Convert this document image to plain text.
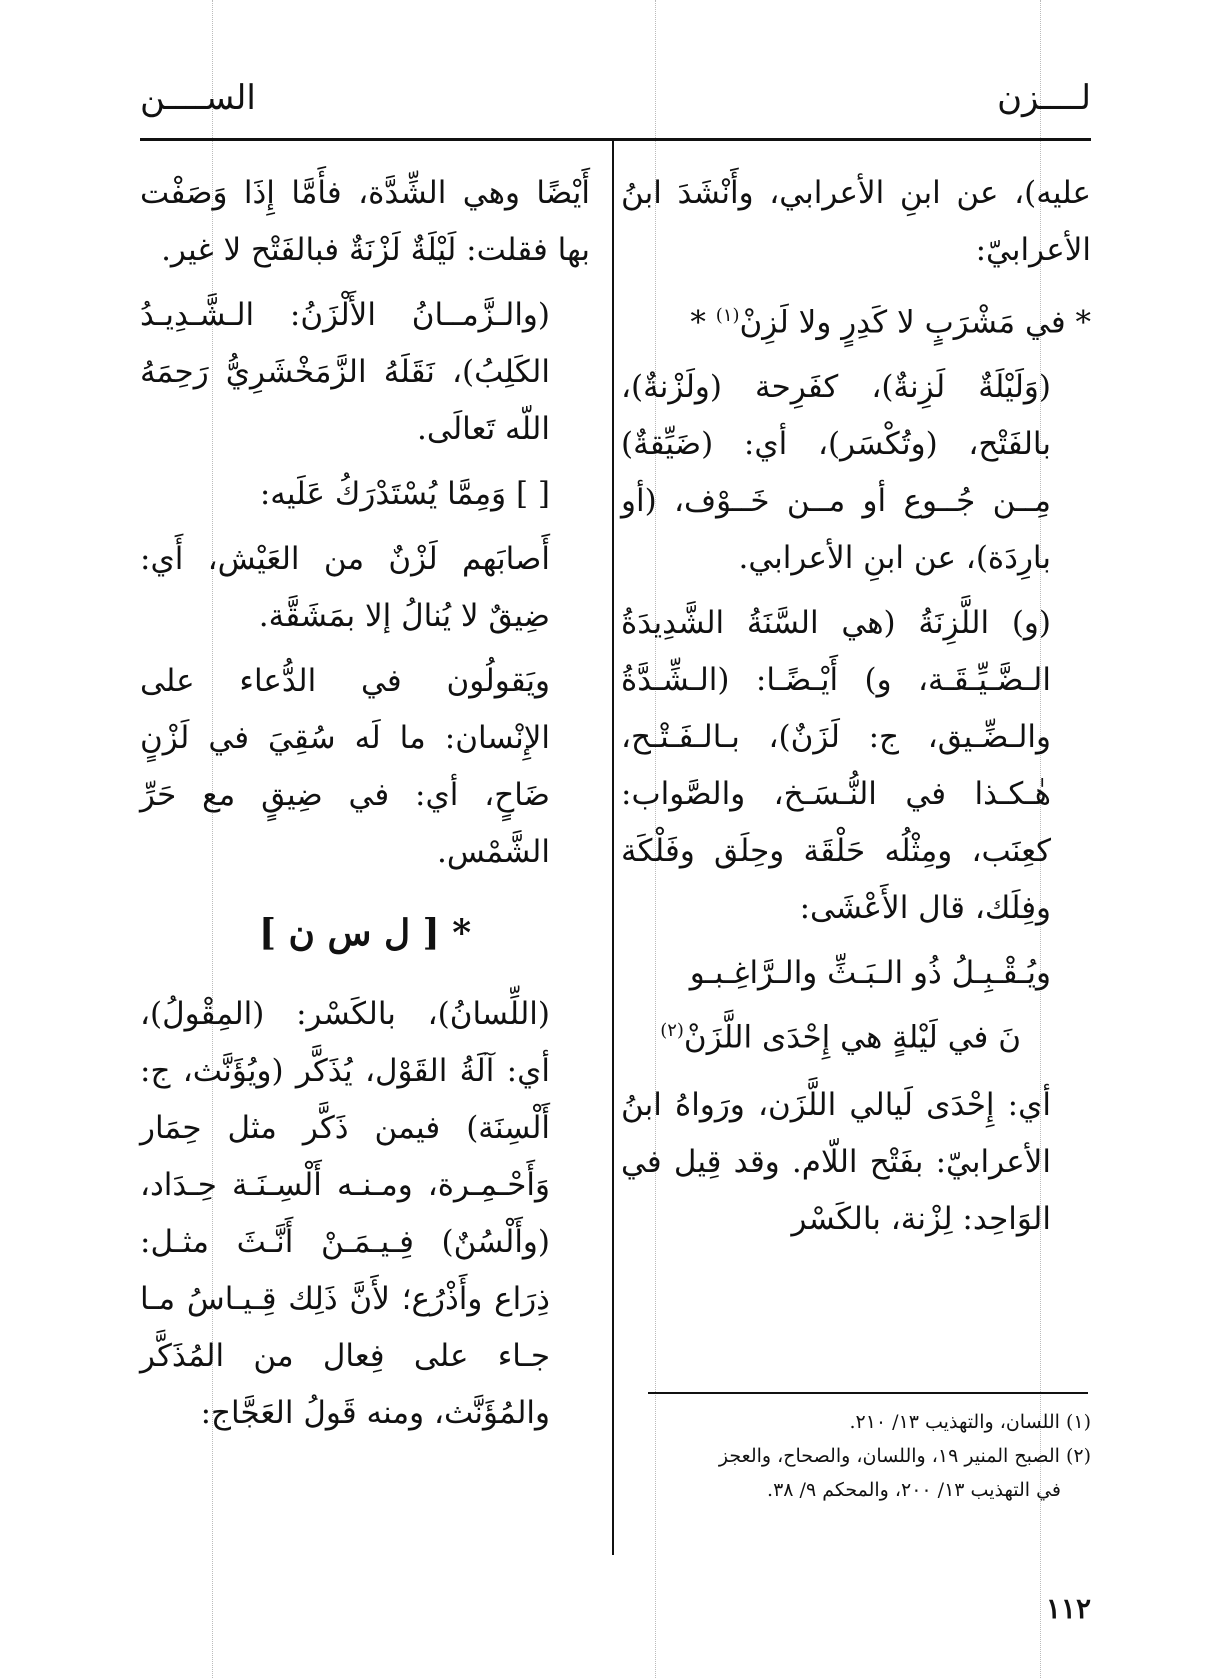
لــــزن
الســــن

عليه)، عن ابنِ الأعرابي، وأَنْشَدَ ابنُ الأعرابيّ:

* في مَشْرَبٍ لا كَدِرٍ ولا لَزِنْ$^{(١)}$ *

(وَلَيْلَةٌ لَزِنةٌ)، كفَرِحة (ولَزْنةٌ)، بالفَتْح، (وتُكْسَر)، أي: (ضَيِّقةٌ) مِــن جُــوع أو مــن خَــوْف، (أو بارِدَة)، عن ابنِ الأعرابي.

(و) اللَّزِنَةُ (هي السَّنَةُ الشَّدِيدَةُ الـضَّـيِّـقَـة، و) أَيْـضًـا: (الـشِّـدَّةُ والـضِّـيق، ج: لَزَنٌ)، بـالـفَـتْـح، هٰـكـذا في النُّـسَـخ، والصَّواب: كعِنَب، ومِثْلُه حَلْقَة وحِلَق وفَلْكَة وفِلَك، قال الأَعْشَى:

ويُـقْـبِـلُ ذُو الـبَـثِّ والـرَّاغِـبـو
نَ في لَيْلةٍ هي إِحْدَى اللَّزَنْ$^{(٢)}$

أي: إِحْدَى لَيالي اللَّزَن، ورَواهُ ابنُ الأعرابيّ: بفَتْح اللّام. وقد قِيل في الوَاحِد: لِزْنة، بالكَسْر

أَيْضًا وهي الشِّدَّة، فأَمَّا إِذَا وَصَفْت بها فقلت: لَيْلَةٌ لَزْنَةٌ فبالفَتْح لا غير.

(والـزَّمــانُ الأَلْزَنُ: الـشَّـدِيـدُ الكَلِبُ)، نَقَلَهُ الزَّمَخْشَرِيُّ رَحِمَهُ اللّه تَعالَى.

[ ] وَمِمَّا يُسْتَدْرَكُ عَلَيه:

أَصابَهم لَزْنٌ من العَيْش، أَي: ضِيقٌ لا يُنالُ إلا بمَشَقَّة.

ويَقولُون في الدُّعاء على الإِنْسان: ما لَه سُقِيَ في لَزْنٍ ضَاحٍ، أي: في ضِيقٍ مع حَرِّ الشَّمْس.

* [ ل س ن ]

(اللِّسانُ)، بالكَسْر: (المِقْولُ)، أي: آلَةُ القَوْل، يُذَكَّر (ويُؤَنَّث، ج: أَلْسِنَة) فيمن ذَكَّر مثل حِمَار وَأَحْـمِـرة، ومـنـه أَلْسِـنَـة حِـدَاد، (وأَلْسُنٌ) فِـيـمَـنْ أَنَّـثَ مثـل: ذِرَاع وأَذْرُع؛ لأَنَّ ذَلِك قِـيـاسُ مـا جـاء على فِعال من المُذَكَّر والمُؤَنَّث، ومنه قَولُ العَجَّاج:	(١) اللسان، والتهذيب ١٣/ ٢١٠.
(٢) الصبح المنير ١٩، واللسان، والصحاح، والعجز
في التهذيب ١٣/ ٢٠٠، والمحكم ٩/ ٣٨.
١١٢
